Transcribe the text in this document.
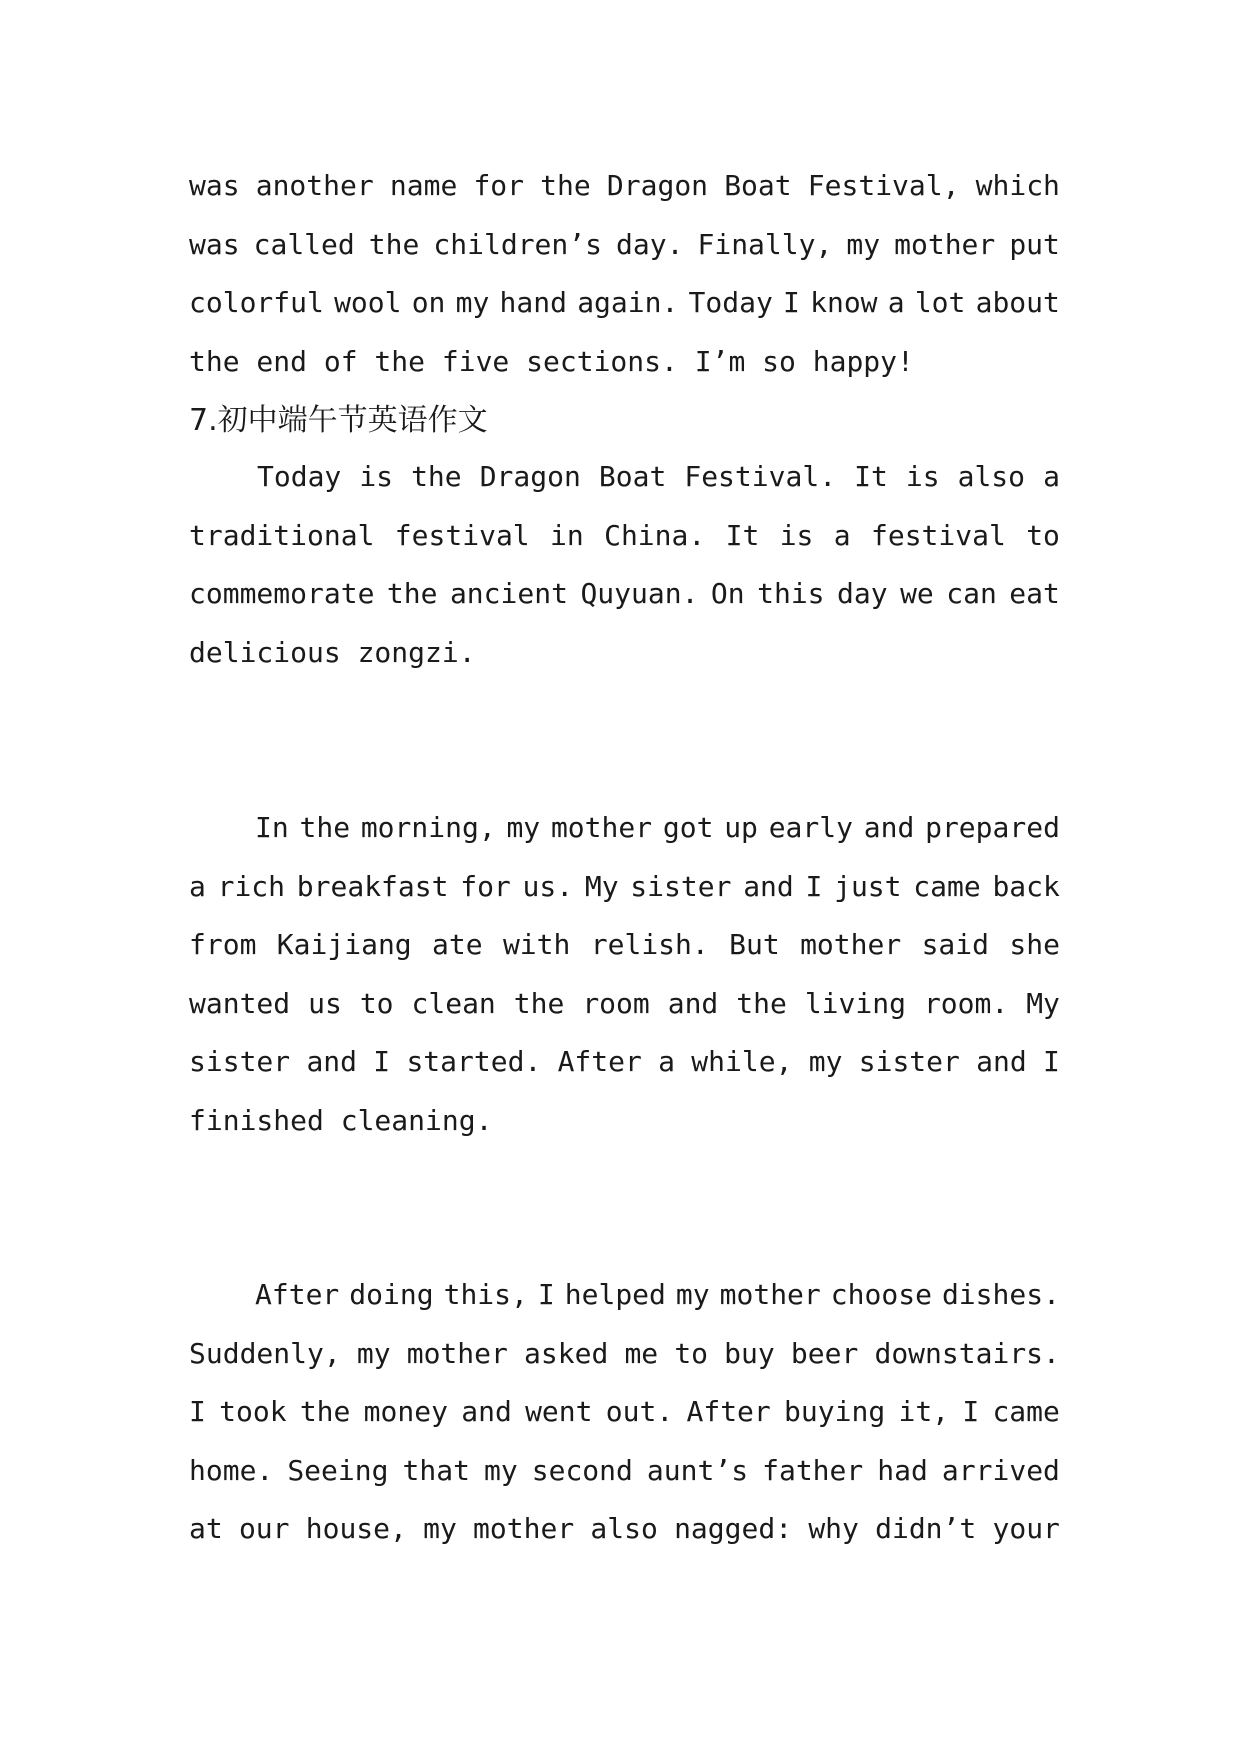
was another name for the Dragon Boat Festival, which
was called the children’s day. Finally, my mother put
colorful wool on my hand again. Today I know a lot about
the end of the five sections. I’m so happy!
7.初中端午节英语作文
Today is the Dragon Boat Festival. It is also a
traditional festival in China. It is a festival to
commemorate the ancient Quyuan. On this day we can eat
delicious zongzi.
In the morning, my mother got up early and prepared
a rich breakfast for us. My sister and I just came back
from Kaijiang ate with relish. But mother said she
wanted us to clean the room and the living room. My
sister and I started. After a while, my sister and I
finished cleaning.
After doing this, I helped my mother choose dishes.
Suddenly, my mother asked me to buy beer downstairs.
I took the money and went out. After buying it, I came
home. Seeing that my second aunt’s father had arrived
at our house, my mother also nagged: why didn’t your
